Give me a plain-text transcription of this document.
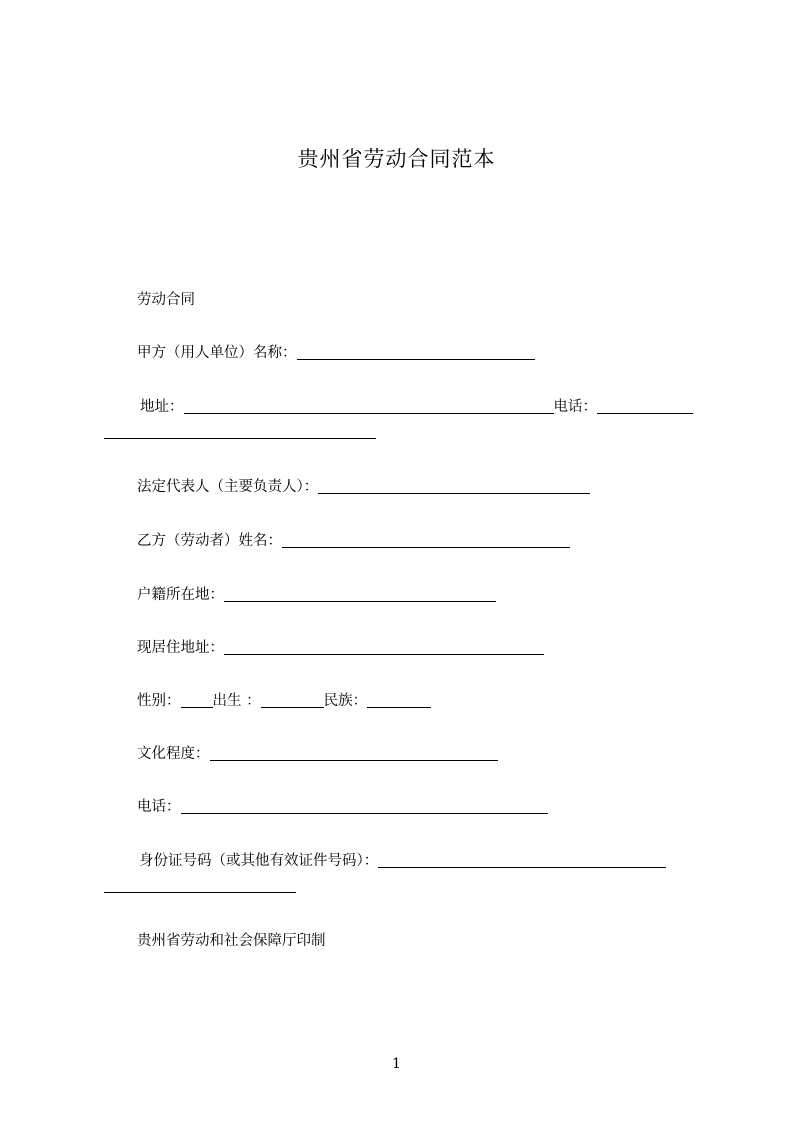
贵州省劳动合同范本
劳动合同
甲方（用人单位）名称：
地址：	电话：
法定代表人（主要负责人）：
乙方（劳动者）姓名：
户籍所在地：
现居住地址：
性别： 出生 ：	民族：
文化程度：
电话：
身份证号码（或其他有效证件号码）：
贵州省劳动和社会保障厅印制
1
